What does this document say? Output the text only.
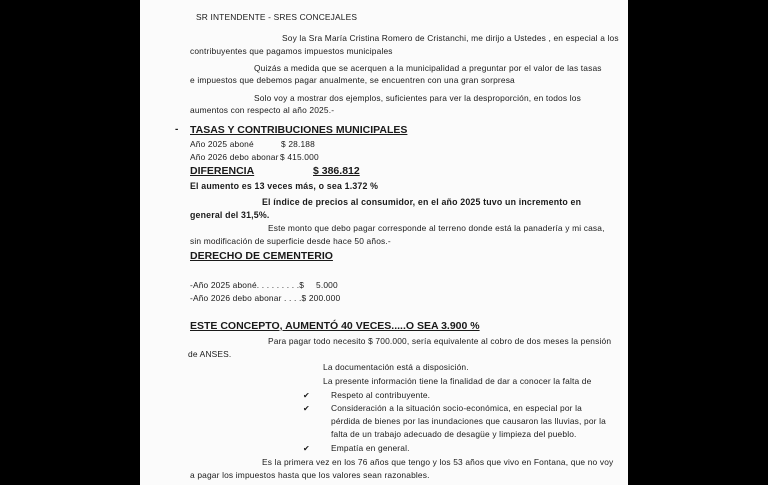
SR INTENDENTE - SRES CONCEJALES
Soy la Sra María Cristina Romero de Cristanchi, me dirijo a Ustedes , en especial a los
contribuyentes que pagamos impuestos municipales
Quizás a medida que se acerquen a la municipalidad a preguntar por el valor de las tasas
e impuestos que debemos pagar anualmente, se encuentren con una gran sorpresa
Solo voy a mostrar dos ejemplos, suficientes para ver la desproporción, en todos los
aumentos con respecto al año 2025.-
- TASAS Y CONTRIBUCIONES MUNICIPALES
Año 2025 aboné	$ 28.188
Año 2026 debo abonar $ 415.000
DIFERENCIA	$ 386.812
El aumento es 13 veces más, o sea 1.372 %
El índice de precios al consumidor, en el año 2025 tuvo un incremento en
general del 31,5%.
Este monto que debo pagar corresponde al terreno donde está la panadería y mi casa,
sin modificación de superficie desde hace 50 años.-
DERECHO DE CEMENTERIO
-Año 2025 aboné. . . . . . . . .$ 5.000
-Año 2026 debo abonar . . . .$ 200.000
ESTE CONCEPTO, AUMENTÓ 40 VECES.....O SEA 3.900 %
Para pagar todo necesito $ 700.000, sería equivalente al cobro de dos meses la pensión
de ANSES.
La documentación está a disposición.
La presente información tiene la finalidad de dar a conocer la falta de
✔	Respeto al contribuyente.
✔	Consideración a la situación socio-económica, en especial por la
pérdida de bienes por las inundaciones que causaron las lluvias, por la
falta de un trabajo adecuado de desagüe y limpieza del pueblo.
✔	Empatía en general.
Es la primera vez en los 76 años que tengo y los 53 años que vivo en Fontana, que no voy
a pagar los impuestos hasta que los valores sean razonables.
